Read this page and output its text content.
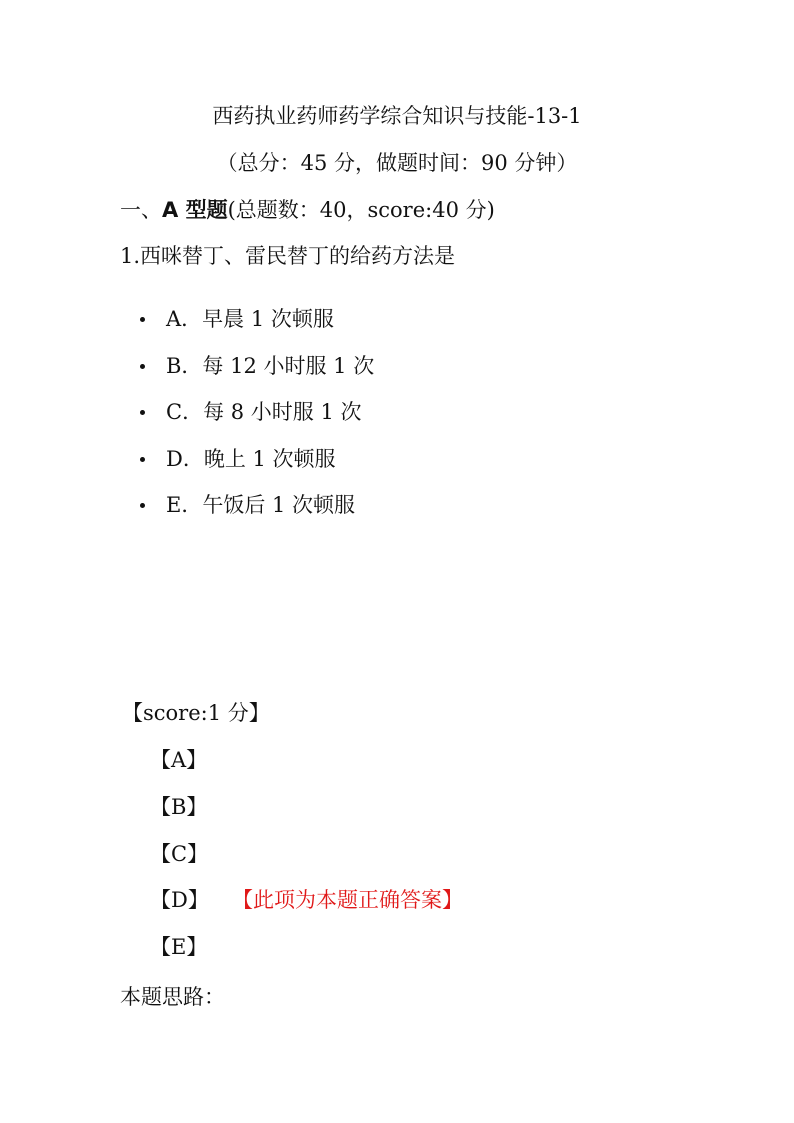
西药执业药师药学综合知识与技能-13-1
（总分：45 分，做题时间：90 分钟）
一、A 型题(总题数：40，score:40 分)
1.西咪替丁、雷民替丁的给药方法是
A．早晨 1 次顿服
B．每 12 小时服 1 次
C．每 8 小时服 1 次
D．晚上 1 次顿服
E．午饭后 1 次顿服
【score:1 分】
【A】
【B】
【C】
【D】 【此项为本题正确答案】
【E】
本题思路：
